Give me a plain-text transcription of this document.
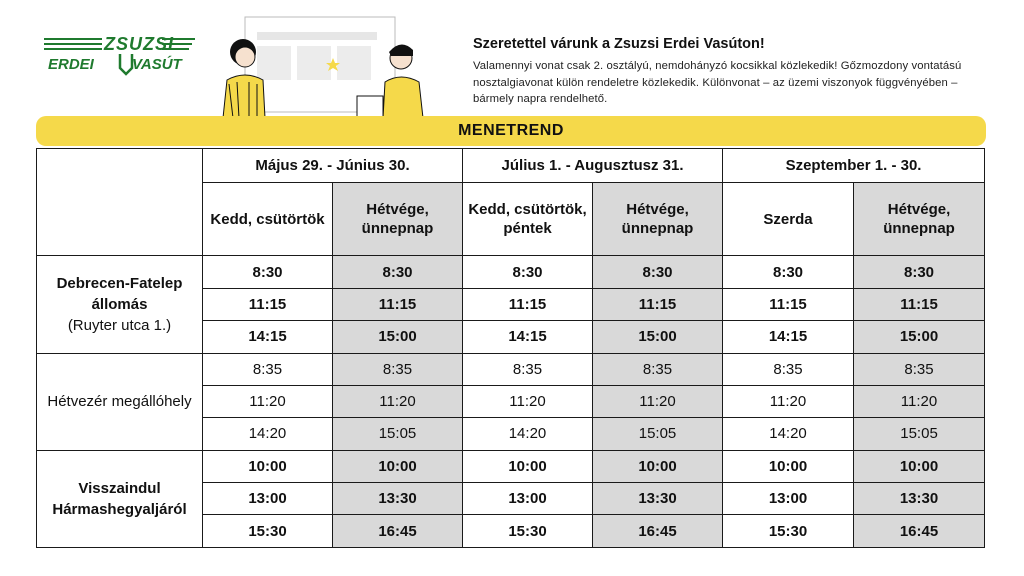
ZSUZSI
ERDEI	VASÚT
Szeretettel várunk a Zsuzsi Erdei Vasúton!
Valamennyi vonat csak 2. osztályú, nemdohányzó kocsikkal közlekedik! Gőzmozdony vontatású nosztalgiavonat külön rendeletre közlekedik. Különvonat – az üzemi viszonyok függvényében – bármely napra rendelhető.
MENETREND
	Május 29. - Június 30.		Július 1. - Augusztusz 31.		Szeptember 1. - 30.	
	Kedd, csütörtök	Hétvége, ünnepnap	Kedd, csütörtök, péntek	Hétvége, ünnepnap	Szerda	Hétvége, ünnepnap
Debrecen-Fatelep állomás
(Ruyter utca 1.)	8:30	8:30	8:30	8:30	8:30	8:30
	11:15	11:15	11:15	11:15	11:15	11:15
	14:15	15:00	14:15	15:00	14:15	15:00
Hétvezér megállóhely	8:35	8:35	8:35	8:35	8:35	8:35
	11:20	11:20	11:20	11:20	11:20	11:20
	14:20	15:05	14:20	15:05	14:20	15:05
Visszaindul Hármashegyaljáról	10:00	10:00	10:00	10:00	10:00	10:00
	13:00	13:30	13:00	13:30	13:00	13:30
	15:30	16:45	15:30	16:45	15:30	16:45
